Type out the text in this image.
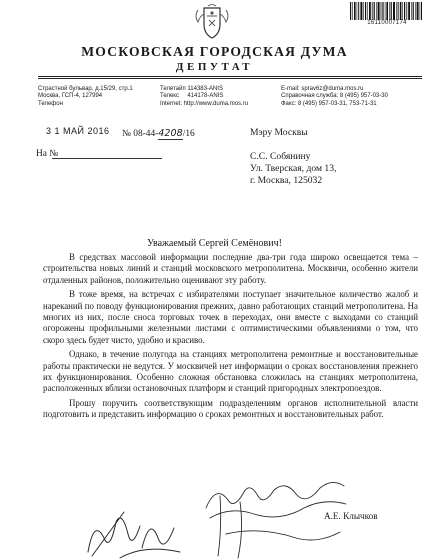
16110007174
МОСКОВСКАЯ ГОРОДСКАЯ ДУМА
ДЕПУТАТ
Страстной бульвар, д.15/29, стр.1
Москва, ГСП-4, 127994
Телефон
Телетайп 114383-ANIS
Телекс     414178-ANIS
Internet: http://www.duma.mos.ru
E-mail: sprav6z@duma.mos.ru
Справочная служба: 8 (495) 957-03-30
Факс: 8 (495) 957-03-31, 753-71-31
3 1 МАЙ 2016 № 08-44-4208/16
На №
Мэру Москвы
С.С. Собянину
Ул. Тверская, дом 13,
г. Москва, 125032
Уважаемый Сергей Семёнович!

В средствах массовой информации последние два-три года широко освещается тема – строительства новых линий и станций московского метрополитена. Москвичи, особенно жители отдаленных районов, положительно оценивают эту работу.

В тоже время, на встречах с избирателями поступает значительное количество жалоб и нареканий по поводу функционирования прежних, давно работающих станций метрополитена. На многих из них, после сноса торговых точек в переходах, они вместе с выходами со станций огорожены профильными железными листами с оптимистическими объявлениями о том, что скоро здесь будет чисто, удобно и красиво.

Однако, в течение полугода на станциях метрополитена ремонтные и восстановительные работы практически не ведутся. У москвичей нет информации о сроках восстановления прежнего их функционирования. Особенно сложная обстановка сложилась на станциях метрополитена, расположенных вблизи остановочных платформ и станций пригородных электропоездов.

Прошу поручить соответствующим подразделениям органов исполнительной власти подготовить и представить информацию о сроках ремонтных и восстановительных работ.

А.Е. Клычков
